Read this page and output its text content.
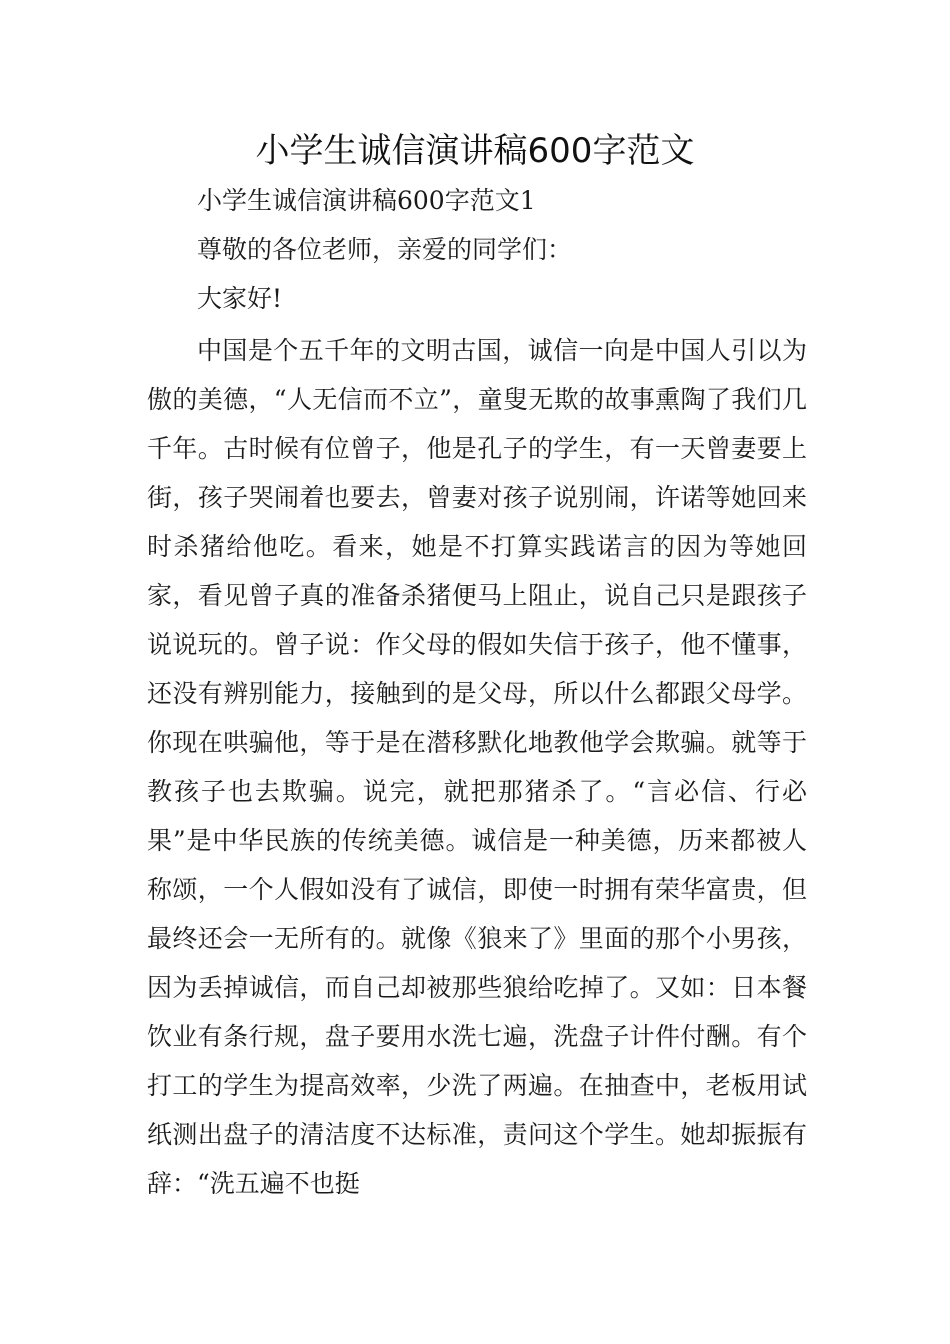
小学生诚信演讲稿600字范文

小学生诚信演讲稿600字范文1

尊敬的各位老师，亲爱的同学们：

大家好!

中国是个五千年的文明古国，诚信一向是中国人引以为傲的美德，“人无信而不立”，童叟无欺的故事熏陶了我们几千年。古时候有位曾子，他是孔子的学生，有一天曾妻要上街，孩子哭闹着也要去，曾妻对孩子说别闹，许诺等她回来时杀猪给他吃。看来，她是不打算实践诺言的因为等她回家，看见曾子真的准备杀猪便马上阻止，说自己只是跟孩子说说玩的。曾子说：作父母的假如失信于孩子，他不懂事，还没有辨别能力，接触到的是父母，所以什么都跟父母学。你现在哄骗他，等于是在潜移默化地教他学会欺骗。就等于教孩子也去欺骗。说完，就把那猪杀了。“言必信、行必果”是中华民族的传统美德。诚信是一种美德，历来都被人称颂，一个人假如没有了诚信，即使一时拥有荣华富贵，但最终还会一无所有的。就像《狼来了》里面的那个小男孩，因为丢掉诚信，而自己却被那些狼给吃掉了。又如：日本餐饮业有条行规，盘子要用水洗七遍，洗盘子计件付酬。有个打工的学生为提高效率，少洗了两遍。在抽查中，老板用试纸测出盘子的清洁度不达标准，责问这个学生。她却振振有辞：“洗五遍不也挺
